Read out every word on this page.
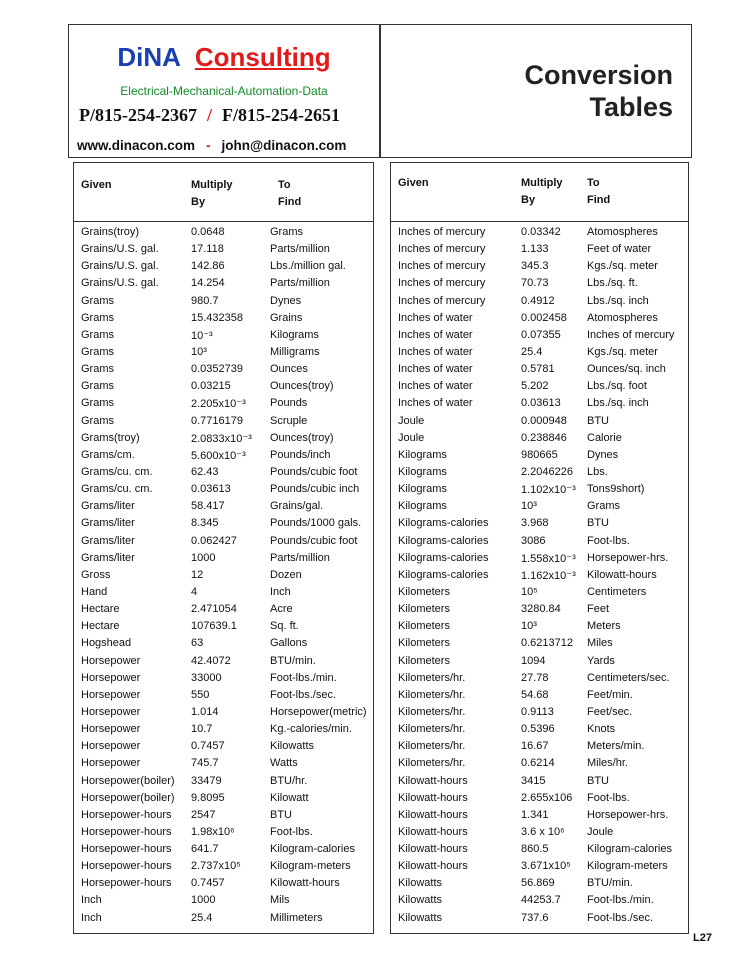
DiNA Consulting
Electrical-Mechanical-Automation-Data
P/815-254-2367 / F/815-254-2651
www.dinacon.com - john@dinacon.com
Conversion
Tables
Given	Multiply
By
To
Find
Grains(troy)	0.0648	Grams
Grains/U.S. gal.	17.118	Parts/million
Grains/U.S. gal.	142.86	Lbs./million gal.
Grains/U.S. gal.	14.254	Parts/million
Grams	980.7	Dynes
Grams	15.432358 Grains
Grams	10⁻³	Kilograms
Grams	10³	Milligrams
Grams	0.0352739 Ounces
Grams	0.03215	Ounces(troy)
Grams	2.205x10⁻³ Pounds
Grams	0.7716179 Scruple
Grams(troy)	2.0833x10⁻³ Ounces(troy)
Grams/cm.	5.600x10⁻³ Pounds/inch
Grams/cu. cm.	62.43	Pounds/cubic foot
Grams/cu. cm.	0.03613	Pounds/cubic inch
Grams/liter	58.417	Grains/gal.
Grams/liter	8.345	Pounds/1000 gals.
Grams/liter	0.062427	Pounds/cubic foot
Grams/liter	1000	Parts/million
Gross	12	Dozen
Hand	4	Inch
Hectare	2.471054	Acre
Hectare	107639.1	Sq. ft.
Hogshead	63	Gallons
Horsepower	42.4072	BTU/min.
Horsepower	33000	Foot-lbs./min.
Horsepower	550	Foot-lbs./sec.
Horsepower	1.014	Horsepower(metric)
Horsepower	10.7	Kg.-calories/min.
Horsepower	0.7457	Kilowatts
Horsepower	745.7	Watts
Horsepower(boiler) 33479	BTU/hr.
Horsepower(boiler) 9.8095	Kilowatt
Horsepower-hours 2547	BTU
Horsepower-hours 1.98x10⁶	Foot-lbs.
Horsepower-hours 641.7	Kilogram-calories
Horsepower-hours 2.737x10⁵	Kilogram-meters
Horsepower-hours 0.7457	Kilowatt-hours
Inch	1000	Mils
Inch	25.4	Millimeters
Given	Multiply
By
To
Find
Inches of mercury	0.03342 Atomospheres
Inches of mercury	1.133	Feet of water
Inches of mercury	345.3	Kgs./sq. meter
Inches of mercury	70.73	Lbs./sq. ft.
Inches of mercury	0.4912	Lbs./sq. inch
Inches of water	0.002458 Atomospheres
Inches of water	0.07355 Inches of mercury
Inches of water	25.4	Kgs./sq. meter
Inches of water	0.5781	Ounces/sq. inch
Inches of water	5.202	Lbs./sq. foot
Inches of water	0.03613 Lbs./sq. inch
Joule	0.000948 BTU
Joule	0.238846 Calorie
Kilograms	980665	Dynes
Kilograms	2.2046226 Lbs.
Kilograms	1.102x10⁻³ Tons9short)
Kilograms	10³	Grams
Kilograms-calories	3.968	BTU
Kilograms-calories	3086	Foot-lbs.
Kilograms-calories	1.558x10⁻³ Horsepower-hrs.
Kilograms-calories	1.162x10⁻³ Kilowatt-hours
Kilometers	10⁵	Centimeters
Kilometers	3280.84 Feet
Kilometers	10³	Meters
Kilometers	0.6213712 Miles
Kilometers	1094	Yards
Kilometers/hr.	27.78	Centimeters/sec.
Kilometers/hr.	54.68	Feet/min.
Kilometers/hr.	0.9113	Feet/sec.
Kilometers/hr.	0.5396	Knots
Kilometers/hr.	16.67	Meters/min.
Kilometers/hr.	0.6214	Miles/hr.
Kilowatt-hours	3415	BTU
Kilowatt-hours	2.655x106 Foot-lbs.
Kilowatt-hours	1.341	Horsepower-hrs.
Kilowatt-hours	3.6 x 10⁶ Joule
Kilowatt-hours	860.5	Kilogram-calories
Kilowatt-hours	3.671x10⁵ Kilogram-meters
Kilowatts	56.869	BTU/min.
Kilowatts	44253.7 Foot-lbs./min.
Kilowatts	737.6	Foot-lbs./sec.
L27
